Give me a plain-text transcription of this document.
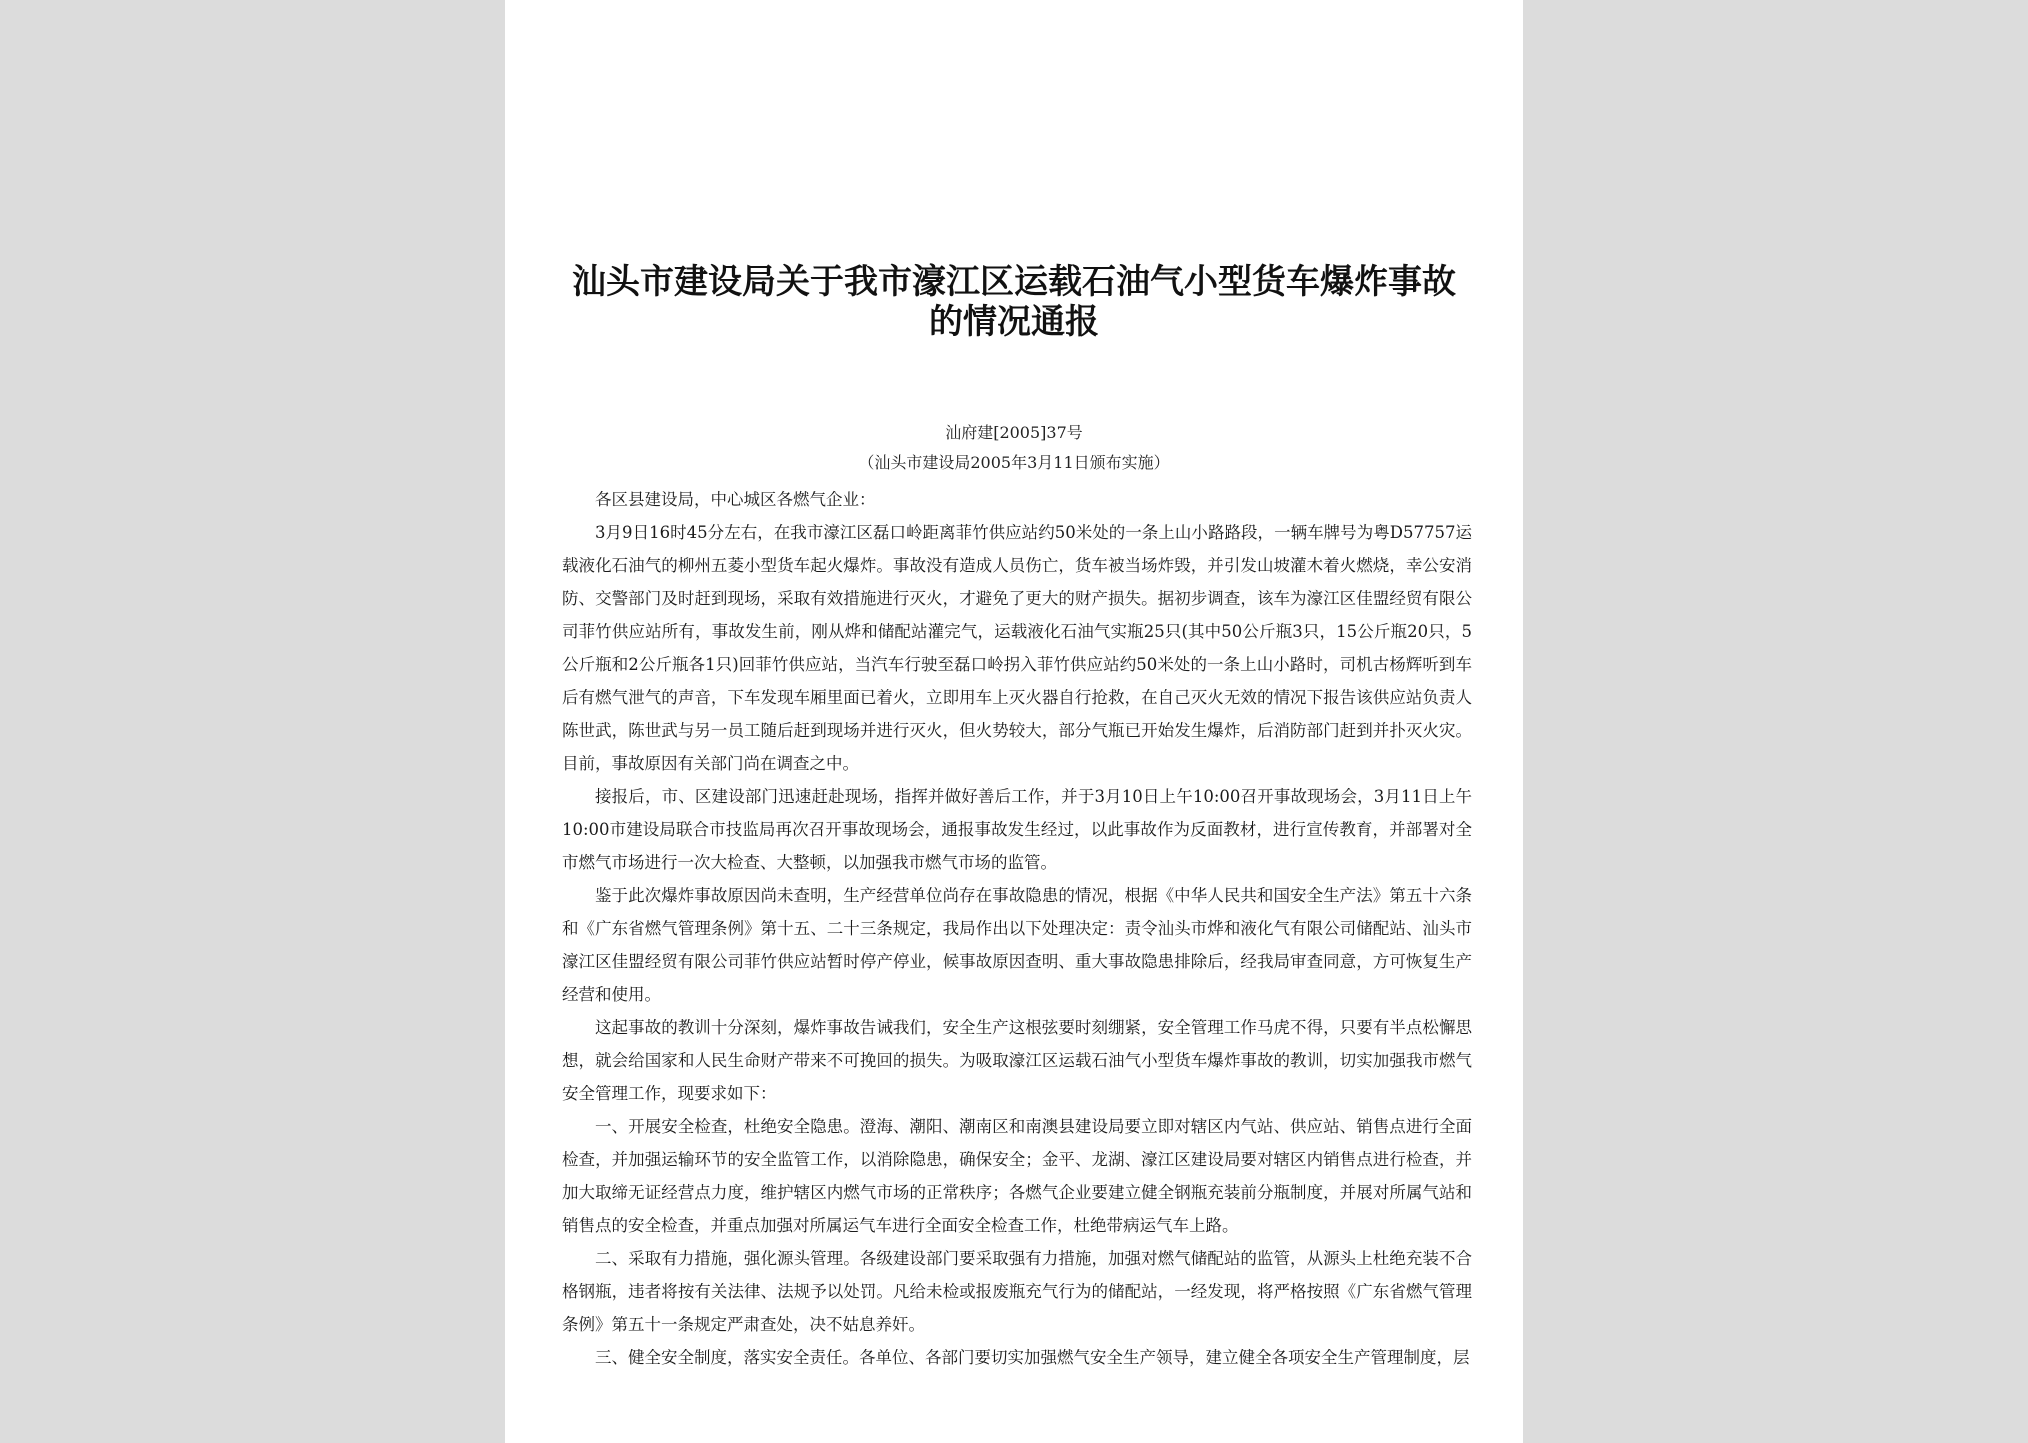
汕头市建设局关于我市濠江区运载石油气小型货车爆炸事故的情况通报
汕府建[2005]37号
（汕头市建设局2005年3月11日颁布实施）

各区县建设局，中心城区各燃气企业：

3月9日16时45分左右，在我市濠江区磊口岭距离菲竹供应站约50米处的一条上山小路路段，一辆车牌号为粤D57757运载液化石油气的柳州五菱小型货车起火爆炸。事故没有造成人员伤亡，货车被当场炸毁，并引发山坡灌木着火燃烧，幸公安消防、交警部门及时赶到现场，采取有效措施进行灭火，才避免了更大的财产损失。据初步调查，该车为濠江区佳盟经贸有限公司菲竹供应站所有，事故发生前，刚从烨和储配站灌完气，运载液化石油气实瓶25只(其中50公斤瓶3只，15公斤瓶20只，5公斤瓶和2公斤瓶各1只)回菲竹供应站，当汽车行驶至磊口岭拐入菲竹供应站约50米处的一条上山小路时，司机古杨辉听到车后有燃气泄气的声音，下车发现车厢里面已着火，立即用车上灭火器自行抢救，在自己灭火无效的情况下报告该供应站负责人陈世武，陈世武与另一员工随后赶到现场并进行灭火，但火势较大，部分气瓶已开始发生爆炸，后消防部门赶到并扑灭火灾。目前，事故原因有关部门尚在调查之中。

接报后，市、区建设部门迅速赶赴现场，指挥并做好善后工作，并于3月10日上午10:00召开事故现场会，3月11日上午10:00市建设局联合市技监局再次召开事故现场会，通报事故发生经过，以此事故作为反面教材，进行宣传教育，并部署对全市燃气市场进行一次大检查、大整顿，以加强我市燃气市场的监管。

鉴于此次爆炸事故原因尚未查明，生产经营单位尚存在事故隐患的情况，根据《中华人民共和国安全生产法》第五十六条和《广东省燃气管理条例》第十五、二十三条规定，我局作出以下处理决定：责令汕头市烨和液化气有限公司储配站、汕头市濠江区佳盟经贸有限公司菲竹供应站暂时停产停业，候事故原因查明、重大事故隐患排除后，经我局审查同意，方可恢复生产经营和使用。

这起事故的教训十分深刻，爆炸事故告诫我们，安全生产这根弦要时刻绷紧，安全管理工作马虎不得，只要有半点松懈思想，就会给国家和人民生命财产带来不可挽回的损失。为吸取濠江区运载石油气小型货车爆炸事故的教训，切实加强我市燃气安全管理工作，现要求如下：

一、开展安全检查，杜绝安全隐患。澄海、潮阳、潮南区和南澳县建设局要立即对辖区内气站、供应站、销售点进行全面检查，并加强运输环节的安全监管工作，以消除隐患，确保安全；金平、龙湖、濠江区建设局要对辖区内销售点进行检查，并加大取缔无证经营点力度，维护辖区内燃气市场的正常秩序；各燃气企业要建立健全钢瓶充装前分瓶制度，并展对所属气站和销售点的安全检查，并重点加强对所属运气车进行全面安全检查工作，杜绝带病运气车上路。

二、采取有力措施，强化源头管理。各级建设部门要采取强有力措施，加强对燃气储配站的监管，从源头上杜绝充装不合格钢瓶，违者将按有关法律、法规予以处罚。凡给未检或报废瓶充气行为的储配站，一经发现，将严格按照《广东省燃气管理条例》第五十一条规定严肃查处，决不姑息养奸。

三、健全安全制度，落实安全责任。各单位、各部门要切实加强燃气安全生产领导，建立健全各项安全生产管理制度，层
